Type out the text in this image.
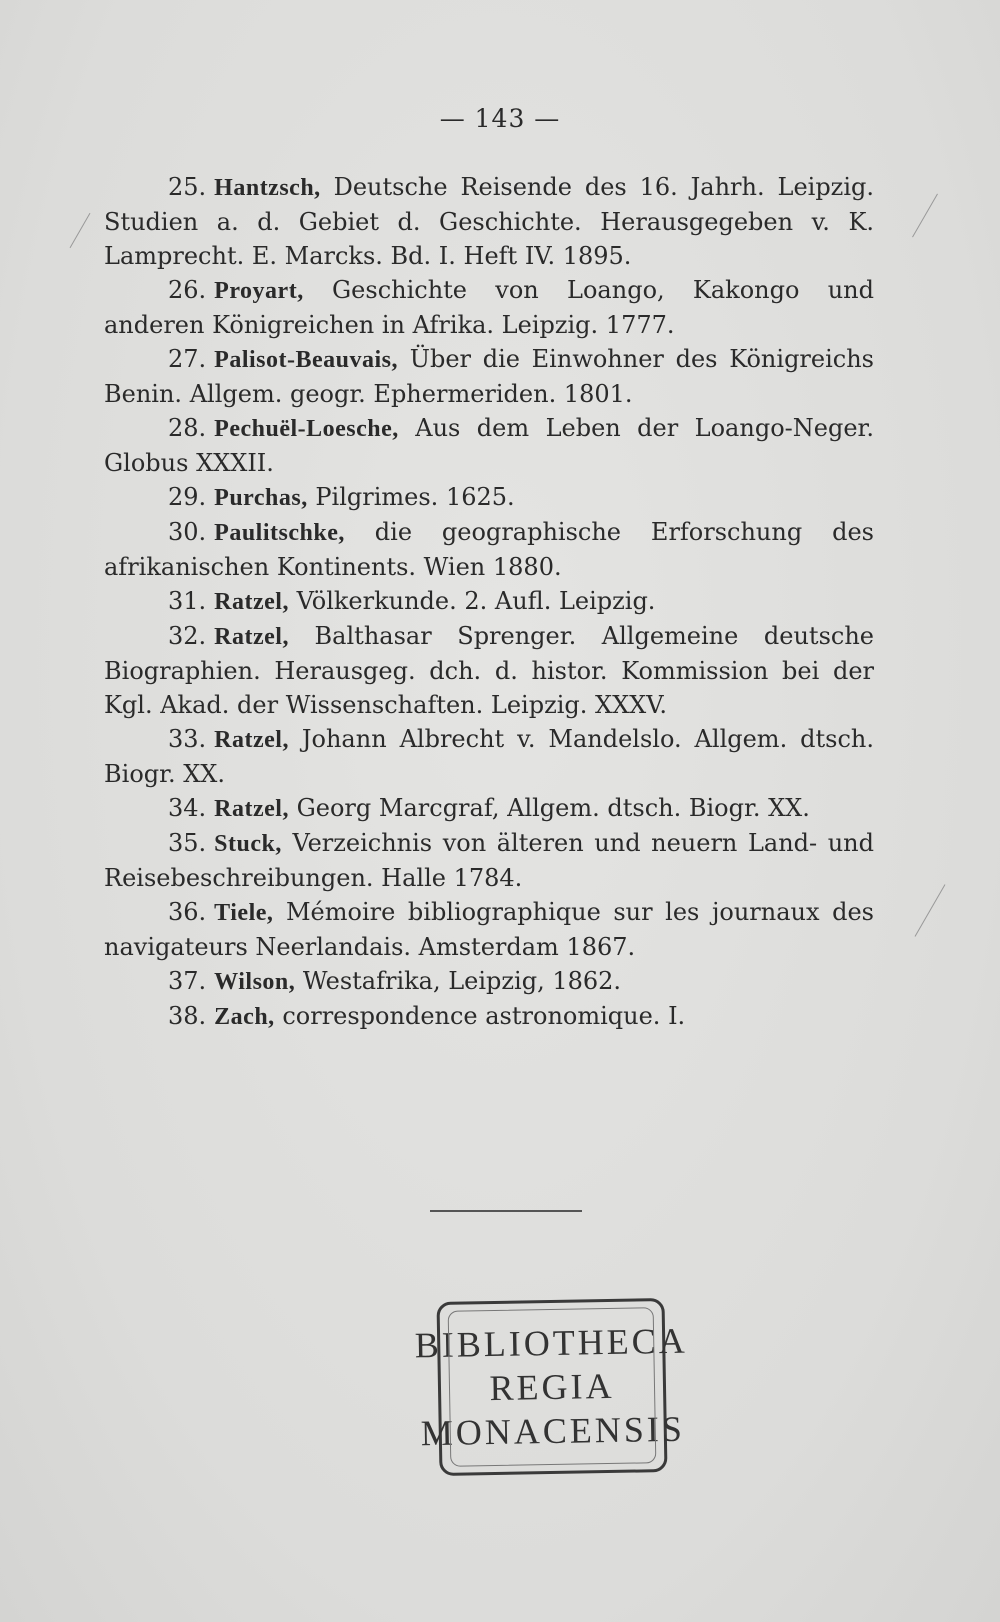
— 143 —

25. Hantzsch, Deutsche Reisende des 16. Jahrh. Leipzig. Studien a. d. Gebiet d. Geschichte. Herausgegeben v. K. Lamprecht. E. Marcks. Bd. I. Heft IV. 1895.

26. Proyart, Geschichte von Loango, Kakongo und anderen Königreichen in Afrika. Leipzig. 1777.

27. Palisot-Beauvais, Über die Einwohner des Königreichs Benin. Allgem. geogr. Ephermeriden. 1801.

28. Pechuël-Loesche, Aus dem Leben der Loango-Neger. Globus XXXII.

29. Purchas, Pilgrimes. 1625.

30. Paulitschke, die geographische Erforschung des afrikanischen Kontinents. Wien 1880.

31. Ratzel, Völkerkunde. 2. Aufl. Leipzig.

32. Ratzel, Balthasar Sprenger. Allgemeine deutsche Biographien. Herausgeg. dch. d. histor. Kommission bei der Kgl. Akad. der Wissenschaften. Leipzig. XXXV.

33. Ratzel, Johann Albrecht v. Mandelslo. Allgem. dtsch. Biogr. XX.

34. Ratzel, Georg Marcgraf, Allgem. dtsch. Biogr. XX.

35. Stuck, Verzeichnis von älteren und neuern Land- und Reisebeschreibungen. Halle 1784.

36. Tiele, Mémoire bibliographique sur les journaux des navigateurs Neerlandais. Amsterdam 1867.

37. Wilson, Westafrika, Leipzig, 1862.

38. Zach, correspondence astronomique. I.

BIBLIOTHECA
REGIA
MONACENSIS
